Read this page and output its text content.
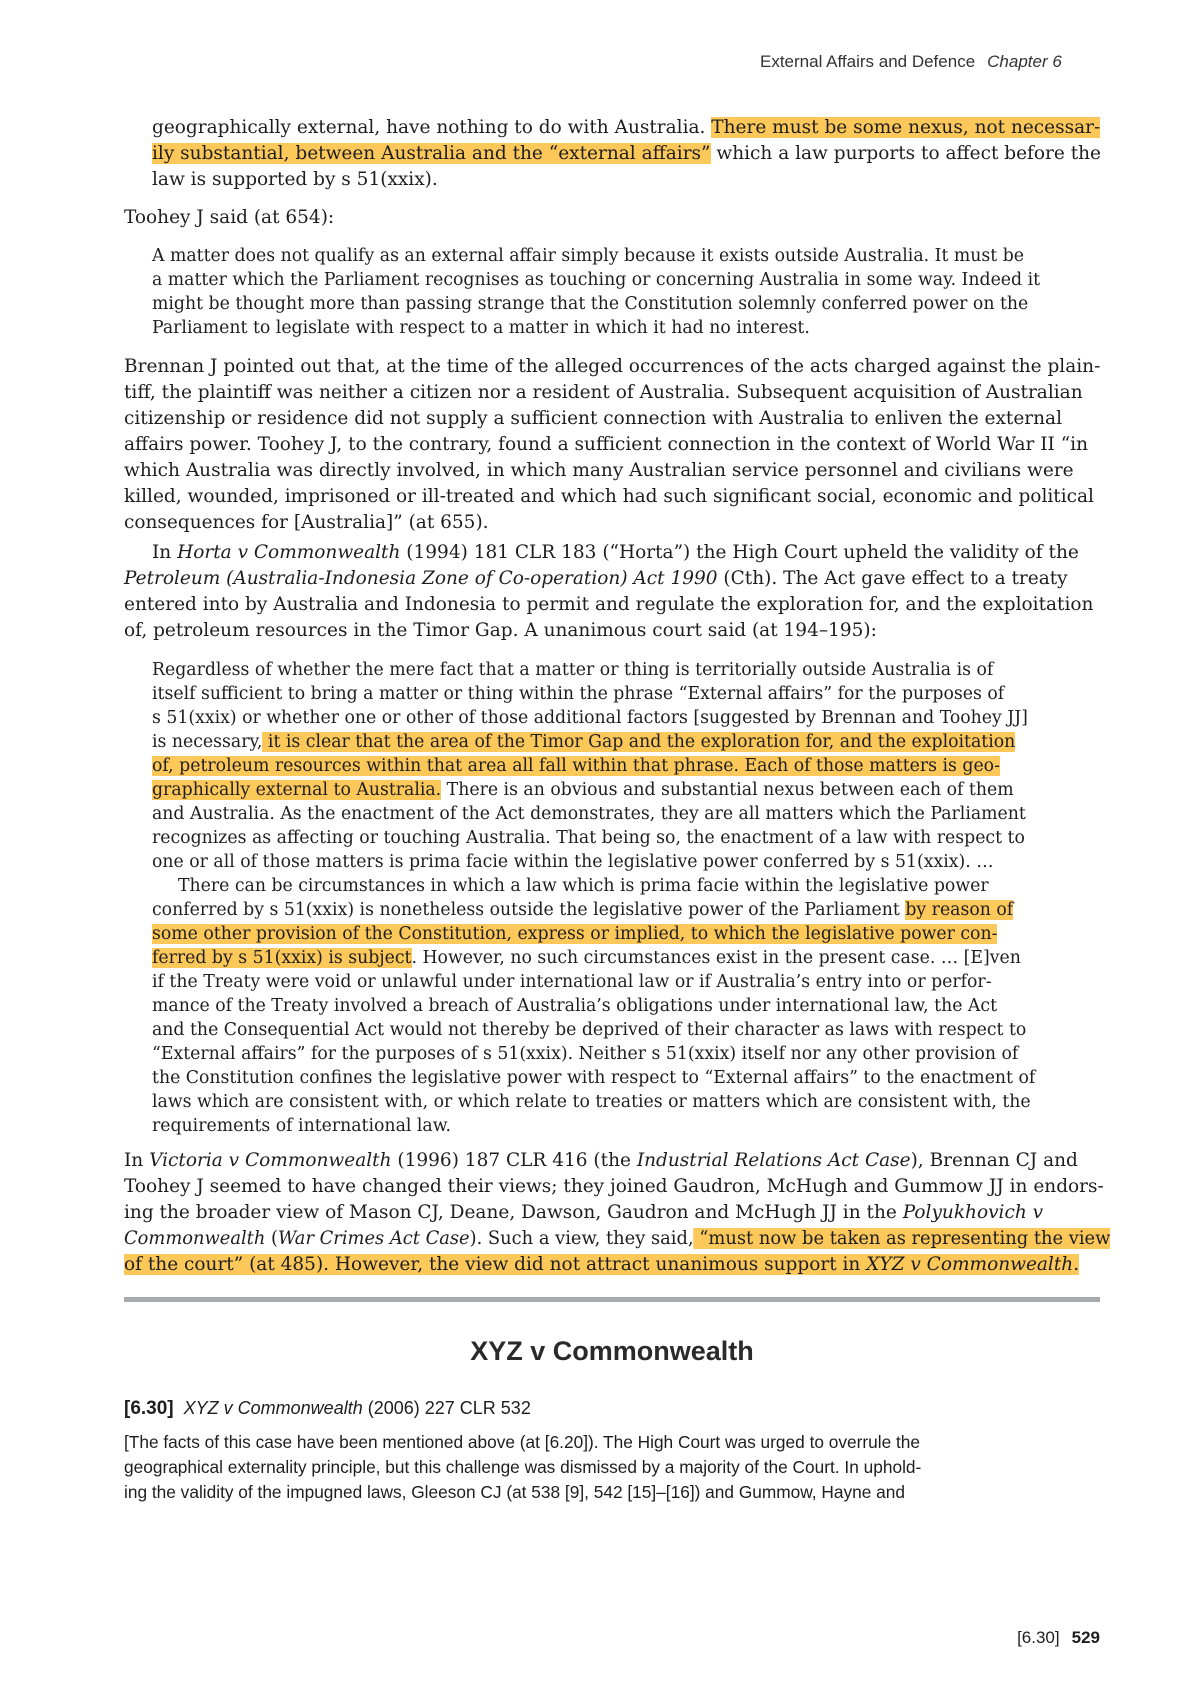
External Affairs and Defence Chapter 6
geographically external, have nothing to do with Australia. There must be some nexus, not necessar-
ily substantial, between Australia and the “external affairs” which a law purports to affect before the
law is supported by s 51(xxix).
Toohey J said (at 654):
A matter does not qualify as an external affair simply because it exists outside Australia. It must be
a matter which the Parliament recognises as touching or concerning Australia in some way. Indeed it
might be thought more than passing strange that the Constitution solemnly conferred power on the
Parliament to legislate with respect to a matter in which it had no interest.
Brennan J pointed out that, at the time of the alleged occurrences of the acts charged against the plain-
tiff, the plaintiff was neither a citizen nor a resident of Australia. Subsequent acquisition of Australian
citizenship or residence did not supply a sufficient connection with Australia to enliven the external
affairs power. Toohey J, to the contrary, found a sufficient connection in the context of World War II “in
which Australia was directly involved, in which many Australian service personnel and civilians were
killed, wounded, imprisoned or ill-treated and which had such significant social, economic and political
consequences for [Australia]” (at 655).
In Horta v Commonwealth (1994) 181 CLR 183 (“Horta”) the High Court upheld the validity of the
Petroleum (Australia-Indonesia Zone of Co-operation) Act 1990 (Cth). The Act gave effect to a treaty
entered into by Australia and Indonesia to permit and regulate the exploration for, and the exploitation
of, petroleum resources in the Timor Gap. A unanimous court said (at 194–195):
Regardless of whether the mere fact that a matter or thing is territorially outside Australia is of
itself sufficient to bring a matter or thing within the phrase “External affairs” for the purposes of
s 51(xxix) or whether one or other of those additional factors [suggested by Brennan and Toohey JJ]
is necessary, it is clear that the area of the Timor Gap and the exploration for, and the exploitation
of, petroleum resources within that area all fall within that phrase. Each of those matters is geo-
graphically external to Australia. There is an obvious and substantial nexus between each of them
and Australia. As the enactment of the Act demonstrates, they are all matters which the Parliament
recognizes as affecting or touching Australia. That being so, the enactment of a law with respect to
one or all of those matters is prima facie within the legislative power conferred by s 51(xxix). …
There can be circumstances in which a law which is prima facie within the legislative power
conferred by s 51(xxix) is nonetheless outside the legislative power of the Parliament by reason of
some other provision of the Constitution, express or implied, to which the legislative power con-
ferred by s 51(xxix) is subject. However, no such circumstances exist in the present case. … [E]ven
if the Treaty were void or unlawful under international law or if Australia’s entry into or perfor-
mance of the Treaty involved a breach of Australia’s obligations under international law, the Act
and the Consequential Act would not thereby be deprived of their character as laws with respect to
“External affairs” for the purposes of s 51(xxix). Neither s 51(xxix) itself nor any other provision of
the Constitution confines the legislative power with respect to “External affairs” to the enactment of
laws which are consistent with, or which relate to treaties or matters which are consistent with, the
requirements of international law.
In Victoria v Commonwealth (1996) 187 CLR 416 (the Industrial Relations Act Case), Brennan CJ and
Toohey J seemed to have changed their views; they joined Gaudron, McHugh and Gummow JJ in endors-
ing the broader view of Mason CJ, Deane, Dawson, Gaudron and McHugh JJ in the Polyukhovich v
Commonwealth (War Crimes Act Case). Such a view, they said, “must now be taken as representing the view
of the court” (at 485). However, the view did not attract unanimous support in XYZ v Commonwealth.
XYZ v Commonwealth
[6.30] XYZ v Commonwealth (2006) 227 CLR 532
[The facts of this case have been mentioned above (at [6.20]). The High Court was urged to overrule the
geographical externality principle, but this challenge was dismissed by a majority of the Court. In uphold-
ing the validity of the impugned laws, Gleeson CJ (at 538 [9], 542 [15]–[16]) and Gummow, Hayne and
[6.30] 529
